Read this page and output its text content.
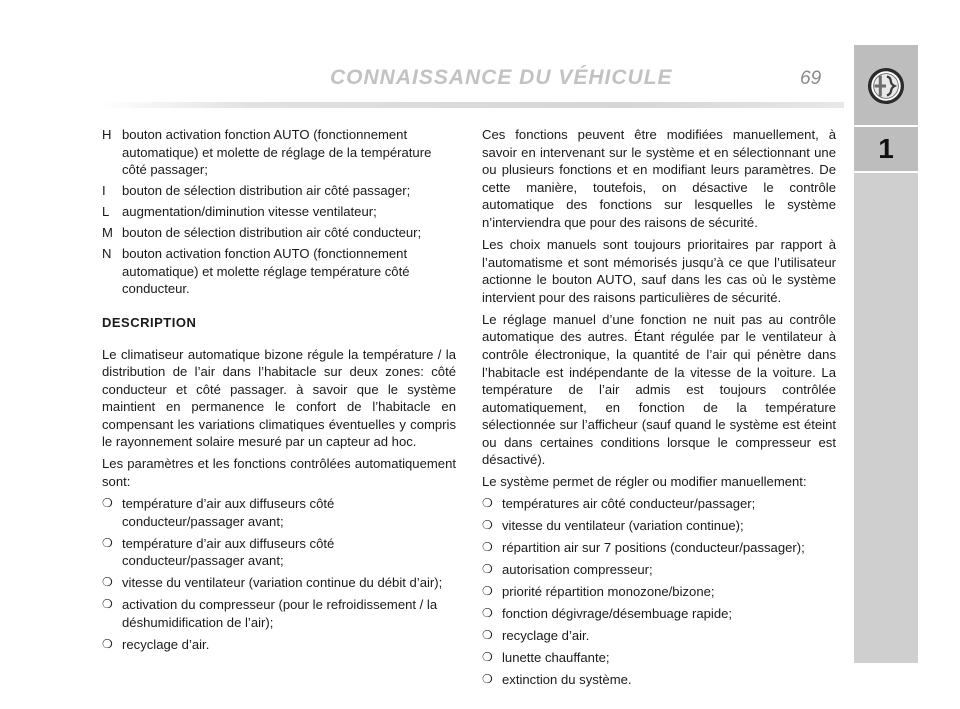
CONNAISSANCE DU VÉHICULE	69
1
H bouton activation fonction AUTO (fonctionnement automatique) et molette de réglage de la température côté passager;
I	bouton de sélection distribution air côté passager;
L augmentation/diminution vitesse ventilateur;
M bouton de sélection distribution air côté conducteur;
N bouton activation fonction AUTO (fonctionnement automatique) et molette réglage température côté conducteur.
DESCRIPTION

Le climatiseur automatique bizone régule la température / la distribution de l’air dans l’habitacle sur deux zones: côté conducteur et côté passager. à savoir que le système maintient en permanence le confort de l’habitacle en compensant les variations climatiques éventuelles y compris le rayonnement solaire mesuré par un capteur ad hoc.

Les paramètres et les fonctions contrôlées automatiquement sont:

❍ température d’air aux diffuseurs côté conducteur/passager avant;
❍ température d’air aux diffuseurs côté conducteur/passager avant;
❍ vitesse du ventilateur (variation continue du débit d’air);
❍ activation du compresseur (pour le refroidissement / la déshumidification de l’air);
❍ recyclage d’air.

Ces fonctions peuvent être modifiées manuellement, à savoir en intervenant sur le système et en sélectionnant une ou plusieurs fonctions et en modifiant leurs paramètres. De cette manière, toutefois, on désactive le contrôle automatique des fonctions sur lesquelles le système n’interviendra que pour des raisons de sécurité.

Les choix manuels sont toujours prioritaires par rapport à l’automatisme et sont mémorisés jusqu’à ce que l’utilisateur actionne le bouton AUTO, sauf dans les cas où le système intervient pour des raisons particulières de sécurité.

Le réglage manuel d’une fonction ne nuit pas au contrôle automatique des autres. Étant régulée par le ventilateur à contrôle électronique, la quantité de l’air qui pénètre dans l’habitacle est indépendante de la vitesse de la voiture. La température de l’air admis est toujours contrôlée automatiquement, en fonction de la température sélectionnée sur l’afficheur (sauf quand le système est éteint ou dans certaines conditions lorsque le compresseur est désactivé).

Le système permet de régler ou modifier manuellement:

❍ températures air côté conducteur/passager;
❍ vitesse du ventilateur (variation continue);
❍ répartition air sur 7 positions (conducteur/passager);
❍ autorisation compresseur;
❍ priorité répartition monozone/bizone;
❍ fonction dégivrage/désembuage rapide;
❍ recyclage d’air.
❍ lunette chauffante;
❍ extinction du système.
